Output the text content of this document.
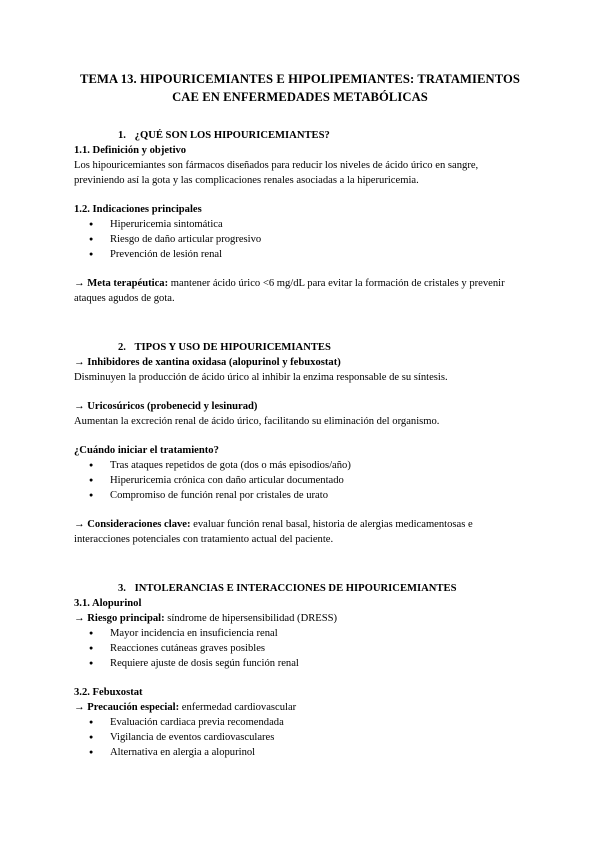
TEMA 13. HIPOURICEMIANTES E HIPOLIPEMIANTES: TRATAMIENTOS
CAE EN ENFERMEDADES METABÓLICAS
1. ¿QUÉ SON LOS HIPOURICEMIANTES?
1.1. Definición y objetivo

Los hipouricemiantes son fármacos diseñados para reducir los niveles de ácido úrico en sangre, previniendo así la gota y las complicaciones renales asociadas a la hiperuricemia.

1.2. Indicaciones principales
● Hiperuricemia sintomática
● Riesgo de daño articular progresivo
● Prevención de lesión renal

→ Meta terapéutica: mantener ácido úrico <6 mg/dL para evitar la formación de cristales y prevenir ataques agudos de gota.

2. TIPOS Y USO DE HIPOURICEMIANTES
→ Inhibidores de xantina oxidasa (alopurinol y febuxostat)

Disminuyen la producción de ácido úrico al inhibir la enzima responsable de su síntesis.

→ Uricosúricos (probenecid y lesinurad)

Aumentan la excreción renal de ácido úrico, facilitando su eliminación del organismo.

¿Cuándo iniciar el tratamiento?
● Tras ataques repetidos de gota (dos o más episodios/año)
● Hiperuricemia crónica con daño articular documentado
● Compromiso de función renal por cristales de urato

→ Consideraciones clave: evaluar función renal basal, historia de alergias medicamentosas e interacciones potenciales con tratamiento actual del paciente.

3. INTOLERANCIAS E INTERACCIONES DE HIPOURICEMIANTES
3.1. Alopurinol

→ Riesgo principal: síndrome de hipersensibilidad (DRESS)

● Mayor incidencia en insuficiencia renal
● Reacciones cutáneas graves posibles
● Requiere ajuste de dosis según función renal
3.2. Febuxostat

→ Precaución especial: enfermedad cardiovascular

● Evaluación cardiaca previa recomendada
● Vigilancia de eventos cardiovasculares
● Alternativa en alergia a alopurinol
